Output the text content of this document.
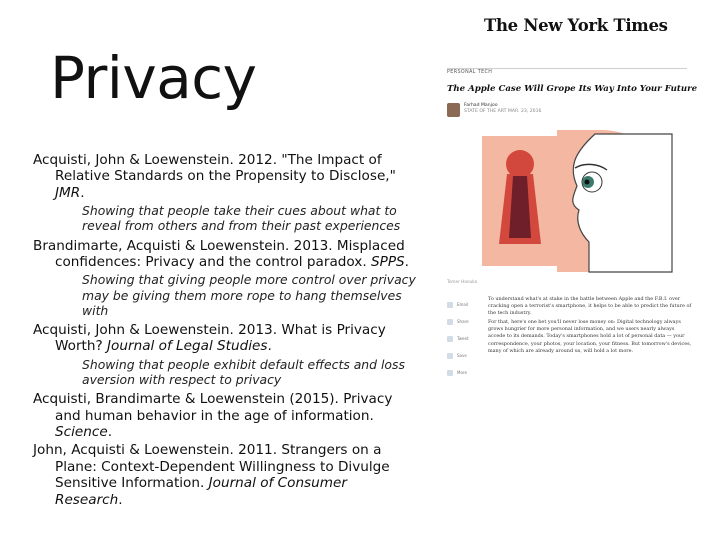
Privacy
Acquisti, John & Loewenstein. 2012. "The Impact of Relative Standards on the Propensity to Disclose," JMR.
Showing that people take their cues about what to reveal from others and from their past experiences
Brandimarte, Acquisti & Loewenstein. 2013. Misplaced confidences: Privacy and the control paradox. SPPS.
Showing that giving people more control over privacy may be giving them more rope to hang themselves with
Acquisti, John & Loewenstein. 2013. What is Privacy Worth? Journal of Legal Studies.
Showing that people exhibit default effects and loss aversion with respect to privacy
Acquisti, Brandimarte & Loewenstein (2015). Privacy and human behavior in the age of information. Science.
John, Acquisti & Loewenstein. 2011. Strangers on a Plane: Context-Dependent Willingness to Divulge Sensitive Information. Journal of Consumer Research.
The New York Times
PERSONAL TECH
The Apple Case Will Grope Its Way Into Your Future
Farhad Manjoo
STATE OF THE ART MAR. 23, 2016
Tomer Hanuka
Email
Share
Tweet
Save
More

To understand what's at stake in the battle between Apple and the F.B.I. over cracking open a terrorist's smartphone, it helps to be able to predict the future of the tech industry.

For that, here's one bet you'll never lose money on: Digital technology always grows hungrier for more personal information, and we users nearly always accede to its demands. Today's smartphones hold a lot of personal data — your correspondence, your photos, your location, your fitness. But tomorrow's devices, many of which are already around us, will hold a lot more.
